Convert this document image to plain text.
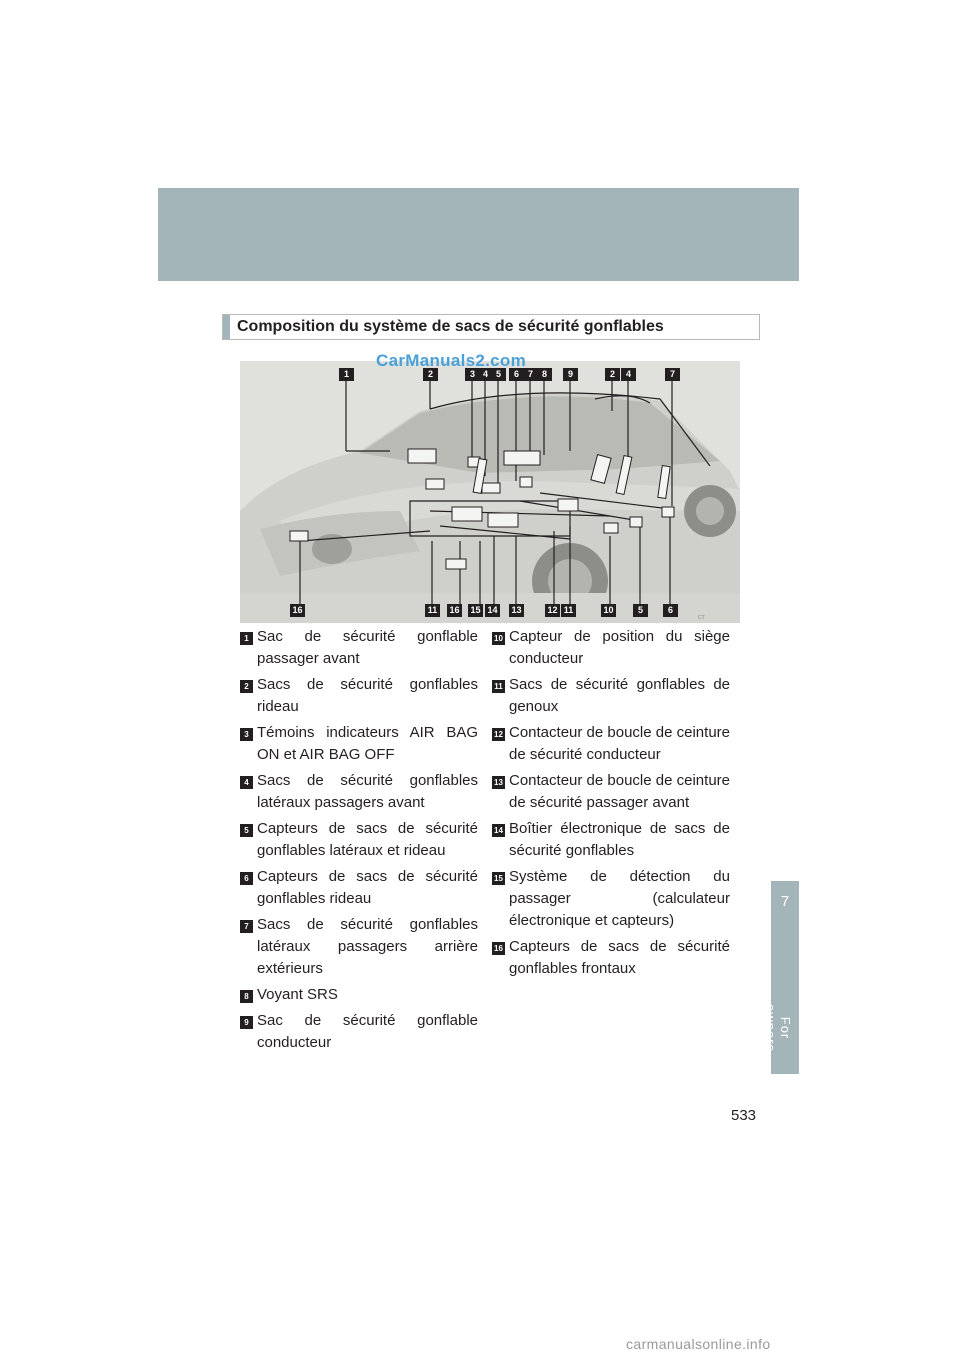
Composition du système de sacs de sécurité gonflables
CarManuals2.com
CT
1	2	3 4 5	6 7 8	9	2	4	7
16	11	16 15 14 13	12 11	10	5	6
1 Sac de sécurité gonflable passager avant
2 Sacs de sécurité gonflables rideau
3 Témoins indicateurs AIR BAG ON et AIR BAG OFF
4 Sacs de sécurité gonflables latéraux passagers avant
5 Capteurs de sacs de sécurité gonflables latéraux et rideau
6 Capteurs de sacs de sécurité gonflables rideau
7 Sacs de sécurité gonflables latéraux passagers arrière extérieurs
8 Voyant SRS
9 Sac de sécurité gonflable conducteur
10 Capteur de position du siège conducteur
11 Sacs de sécurité gonflables de genoux
12 Contacteur de boucle de ceinture de sécurité conducteur
13 Contacteur de boucle de ceinture de sécurité passager avant
14 Boîtier électronique de sacs de sécurité gonflables
15 Système de détection du passager (calculateur électronique et capteurs)
16 Capteurs de sacs de sécurité gonflables frontaux
7
For owners
533
carmanualsonline.info
